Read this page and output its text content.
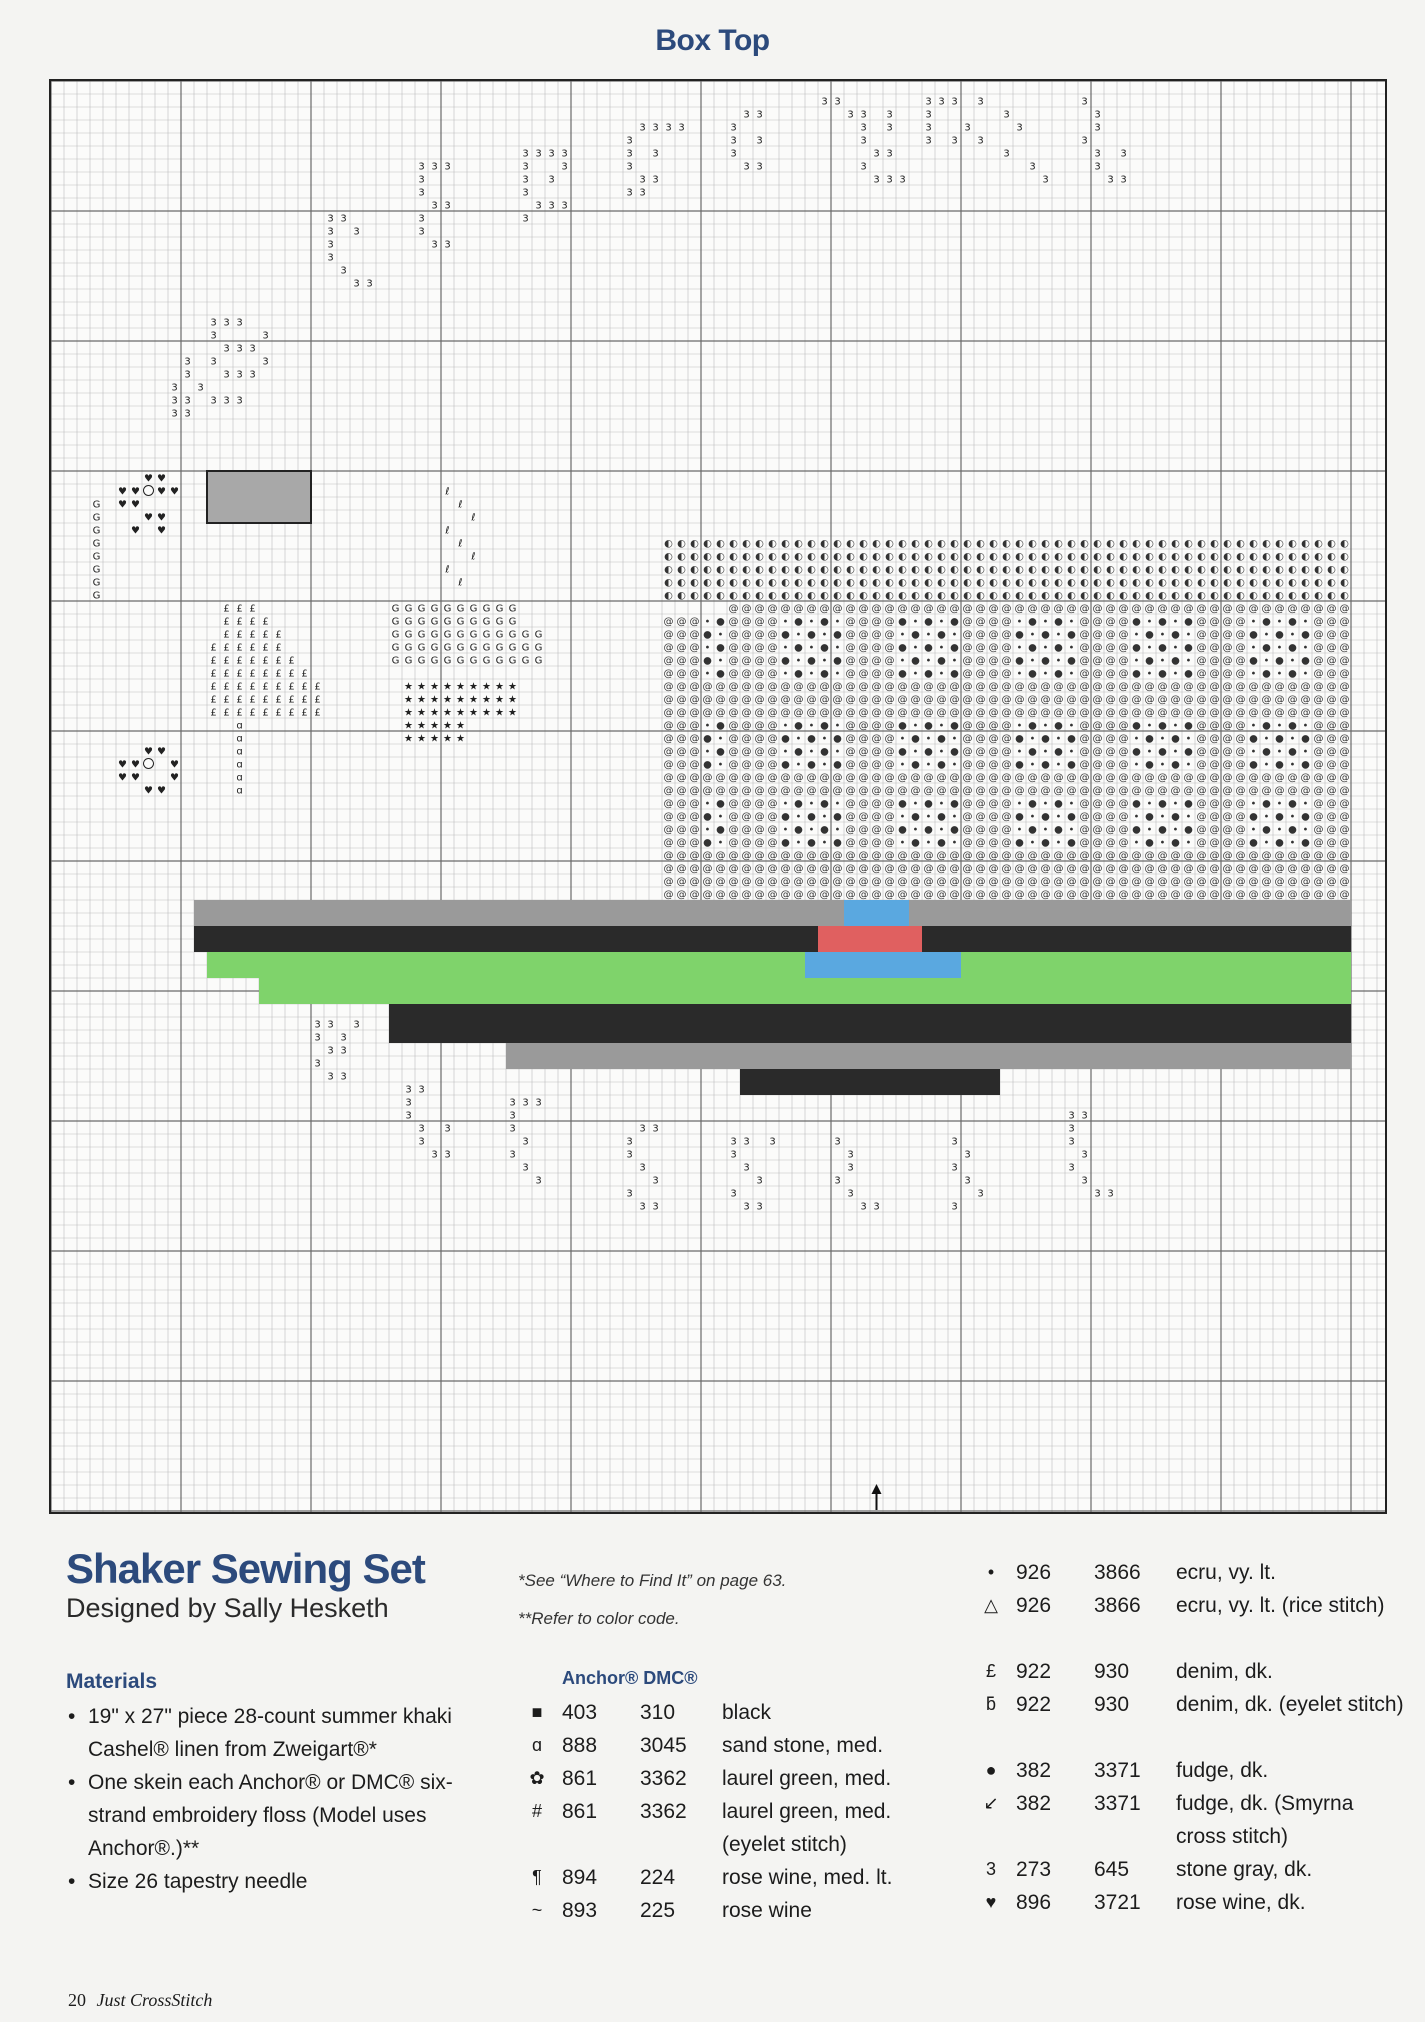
Box Top
3 3
3 3 3
3
3 3 3
3
3
3
3 3 3
3
3
3 3
3 3 3 3 3
3 3
3
3
3
3
3
3 3
3 3 3
3
3
3 3
3
3
3 3
3 3 3 3
3	3
3 3
3
3 3 3
3
3 3 3 3
3
3 3
3
3 3
3 3
3 3
3
3 3
3
3 3
3 3
3 3 3
3 3
3
3 3
3
3 3 3
3 3 3 3
3
3	3
3 3 3
3
3
3
3
3
3
3
3
3
3 3
3
3 3
♥ ♥
♥ ♥
♥ ♥
♥ ♥
♥ ♥
♥ ♥
♥ ♥
♥ ♥
♥ ♥
♥ ♥
♥
♥
£ £ £
£ £ £ £
£ £ £ £ £
£ £ £ £ £ £
£ £ £ £ £ £ £
£ £ £ £ £ £ £ £
£ £ £ £ £ £ £ £ £
£ £ £ £ £ £ £ £ £
£ £ £ £ £ £ £ £ £
ɑ
ɑ
ɑ
ɑ
ɑ
ɑ
G
G
G
G
G
G
G
G
★ ★ ★ ★ ★ ★ ★ ★ ★
★ ★ ★ ★ ★ ★ ★ ★ ★
★ ★ ★ ★ ★ ★ ★ ★ ★
★ ★ ★ ★ ★
★ ★ ★ ★ ★
G G G G G G G G G G
G G G G G G G G G G
G G G G G G G G G G G G
G G G G G G G G G G G G
G G G G G G G G G G G G
ℓ
ℓ
ℓ
ℓ
ℓ
ℓ
ℓ
ℓ
◐ ◐ ◐ ◐ ◐ ◐ ◐ ◐ ◐ ◐ ◐ ◐ ◐ ◐ ◐ ◐ ◐ ◐ ◐ ◐ ◐ ◐ ◐ ◐ ◐ ◐ ◐ ◐ ◐ ◐ ◐ ◐ ◐ ◐ ◐ ◐ ◐ ◐ ◐ ◐ ◐ ◐ ◐ ◐ ◐ ◐ ◐ ◐ ◐ ◐ ◐ ◐ ◐
◐ ◐ ◐ ◐ ◐ ◐ ◐ ◐ ◐ ◐ ◐ ◐ ◐ ◐ ◐ ◐ ◐ ◐ ◐ ◐ ◐ ◐ ◐ ◐ ◐ ◐ ◐ ◐ ◐ ◐ ◐ ◐ ◐ ◐ ◐ ◐ ◐ ◐ ◐ ◐ ◐ ◐ ◐ ◐ ◐ ◐ ◐ ◐ ◐ ◐ ◐ ◐ ◐
◐ ◐ ◐ ◐ ◐ ◐ ◐ ◐ ◐ ◐ ◐ ◐ ◐ ◐ ◐ ◐ ◐ ◐ ◐ ◐ ◐ ◐ ◐ ◐ ◐ ◐ ◐ ◐ ◐ ◐ ◐ ◐ ◐ ◐ ◐ ◐ ◐ ◐ ◐ ◐ ◐ ◐ ◐ ◐ ◐ ◐ ◐ ◐ ◐ ◐ ◐ ◐ ◐
◐ ◐ ◐ ◐ ◐ ◐ ◐ ◐ ◐ ◐ ◐ ◐ ◐ ◐ ◐ ◐ ◐ ◐ ◐ ◐ ◐ ◐ ◐ ◐ ◐ ◐ ◐ ◐ ◐ ◐ ◐ ◐ ◐ ◐ ◐ ◐ ◐ ◐ ◐ ◐ ◐ ◐ ◐ ◐ ◐ ◐ ◐ ◐ ◐ ◐ ◐ ◐ ◐
◐ ◐ ◐ ◐ ◐ ◐ ◐ ◐ ◐ ◐ ◐ ◐ ◐ ◐ ◐ ◐ ◐ ◐ ◐ ◐ ◐ ◐ ◐ ◐ ◐ ◐ ◐ ◐ ◐ ◐ ◐ ◐ ◐ ◐ ◐ ◐ ◐ ◐ ◐ ◐ ◐ ◐ ◐ ◐ ◐ ◐ ◐ ◐ ◐ ◐ ◐ ◐ ◐
@ @ @ @ @ @ @ @ @ @ @ @ @ @ @ @ @ @ @ @ @ @ @ @ @ @ @ @ @ @ @ @ @ @ @ @ @ @ @ @ @ @ @ @ @ @ @ @
@ @ @ • ● @ @ @ @ • ● • ● • @ @ @ @ ● • ● • ● @ @ @ @ • ● • ● • @ @ @ @ ● • ● • ● @ @ @ @ • ● • ● • @ @ @
@ @ @ ● • @ @ @ @ ● • ● • ● @ @ @ @ • ● • ● • @ @ @ @ ● • ● • ● @ @ @ @ • ● • ● • @ @ @ @ ● • ● • ● @ @ @
@ @ @ • ● @ @ @ @ • ● • ● • @ @ @ @ ● • ● • ● @ @ @ @ • ● • ● • @ @ @ @ ● • ● • ● @ @ @ @ • ● • ● • @ @ @
@ @ @ ● • @ @ @ @ ● • ● • ● @ @ @ @ • ● • ● • @ @ @ @ ● • ● • ● @ @ @ @ • ● • ● • @ @ @ @ ● • ● • ● @ @ @
@ @ @ • ● @ @ @ @ • ● • ● • @ @ @ @ ● • ● • ● @ @ @ @ • ● • ● • @ @ @ @ ● • ● • ● @ @ @ @ • ● • ● • @ @ @
@ @ @ @ @ @ @ @ @ @ @ @ @ @ @ @ @ @ @ @ @ @ @ @ @ @ @ @ @ @ @ @ @ @ @ @ @ @ @ @ @ @ @ @ @ @ @ @ @ @ @ @ @
@ @ @ @ @ @ @ @ @ @ @ @ @ @ @ @ @ @ @ @ @ @ @ @ @ @ @ @ @ @ @ @ @ @ @ @ @ @ @ @ @ @ @ @ @ @ @ @ @ @ @ @ @
@ @ @ @ @ @ @ @ @ @ @ @ @ @ @ @ @ @ @ @ @ @ @ @ @ @ @ @ @ @ @ @ @ @ @ @ @ @ @ @ @ @ @ @ @ @ @ @ @ @ @ @ @
@ @ @ • ● @ @ @ @ • ● • ● • @ @ @ @ ● • ● • ● @ @ @ @ • ● • ● • @ @ @ @ ● • ● • ● @ @ @ @ • ● • ● • @ @ @
@ @ @ ● • @ @ @ @ ● • ● • ● @ @ @ @ • ● • ● • @ @ @ @ ● • ● • ● @ @ @ @ • ● • ● • @ @ @ @ ● • ● • ● @ @ @
@ @ @ • ● @ @ @ @ • ● • ● • @ @ @ @ ● • ● • ● @ @ @ @ • ● • ● • @ @ @ @ ● • ● • ● @ @ @ @ • ● • ● • @ @ @
@ @ @ ● • @ @ @ @ ● • ● • ● @ @ @ @ • ● • ● • @ @ @ @ ● • ● • ● @ @ @ @ • ● • ● • @ @ @ @ ● • ● • ● @ @ @
@ @ @ @ @ @ @ @ @ @ @ @ @ @ @ @ @ @ @ @ @ @ @ @ @ @ @ @ @ @ @ @ @ @ @ @ @ @ @ @ @ @ @ @ @ @ @ @ @ @ @ @ @
@ @ @ @ @ @ @ @ @ @ @ @ @ @ @ @ @ @ @ @ @ @ @ @ @ @ @ @ @ @ @ @ @ @ @ @ @ @ @ @ @ @ @ @ @ @ @ @ @ @ @ @ @
@ @ @ • ● @ @ @ @ • ● • ● • @ @ @ @ ● • ● • ● @ @ @ @ • ● • ● • @ @ @ @ ● • ● • ● @ @ @ @ • ● • ● • @ @ @
@ @ @ ● • @ @ @ @ ● • ● • ● @ @ @ @ • ● • ● • @ @ @ @ ● • ● • ● @ @ @ @ • ● • ● • @ @ @ @ ● • ● • ● @ @ @
@ @ @ • ● @ @ @ @ • ● • ● • @ @ @ @ ● • ● • ● @ @ @ @ • ● • ● • @ @ @ @ ● • ● • ● @ @ @ @ • ● • ● • @ @ @
@ @ @ ● • @ @ @ @ ● • ● • ● @ @ @ @ • ● • ● • @ @ @ @ ● • ● • ● @ @ @ @ • ● • ● • @ @ @ @ ● • ● • ● @ @ @
@ @ @ @ @ @ @ @ @ @ @ @ @ @ @ @ @ @ @ @ @ @ @ @ @ @ @ @ @ @ @ @ @ @ @ @ @ @ @ @ @ @ @ @ @ @ @ @ @ @ @ @ @
@ @ @ @ @ @ @ @ @ @ @ @ @ @ @ @ @ @ @ @ @ @ @ @ @ @ @ @ @ @ @ @ @ @ @ @ @ @ @ @ @ @ @ @ @ @ @ @ @ @ @ @ @
@ @ @ @ @ @ @ @ @ @ @ @ @ @ @ @ @ @ @ @ @ @ @ @ @ @ @ @ @ @ @ @ @ @ @ @ @ @ @ @ @ @ @ @ @ @ @ @ @ @ @ @ @
@ @ @ @ @ @ @ @ @ @ @ @ @ @ @ @ @ @ @ @ @ @ @ @ @ @ @ @ @ @ @ @ @ @ @ @ @ @ @ @ @ @ @ @ @ @ @ @ @ @ @ @ @
3 3 3
3 3
3 3
3
3 3
3 3
3
3
3 3
3
3 3
3 3 3
3
3
3
3
3
3
3 3
3
3
3
3
3
3 3
3 3 3
3
3
3
3
3 3
3
3
3
3
3
3 3
3
3
3
3
3
3
3 3
3
3
3
3
3
3 3
Shaker Sewing Set
Designed by Sally Hesketh
Materials
• 19" x 27" piece 28-count summer khaki Cashel® linen from Zweigart®*
• One skein each Anchor® or DMC® six-strand embroidery floss (Model uses Anchor®.)**
• Size 26 tapestry needle
*See “Where to Find It” on page 63.
**Refer to color code.
Anchor® DMC®
■ 403 310 black
ɑ 888 3045 sand stone, med.
✿ 861 3362 laurel green, med.
# 861 3362 laurel green, med. (eyelet stitch)
¶ 894 224 rose wine, med. lt.
~ 893 225 rose wine
•	926 3866 ecru, vy. lt.
△ 926 3866 ecru, vy. lt. (rice stitch)
£ 922 930 denim, dk.
ƃ 922 930 denim, dk. (eyelet stitch)
● 382 3371 fudge, dk.
↙ 382 3371 fudge, dk. (Smyrna cross stitch)
3 273 645 stone gray, dk.
♥ 896 3721 rose wine, dk.
20 Just CrossStitch
